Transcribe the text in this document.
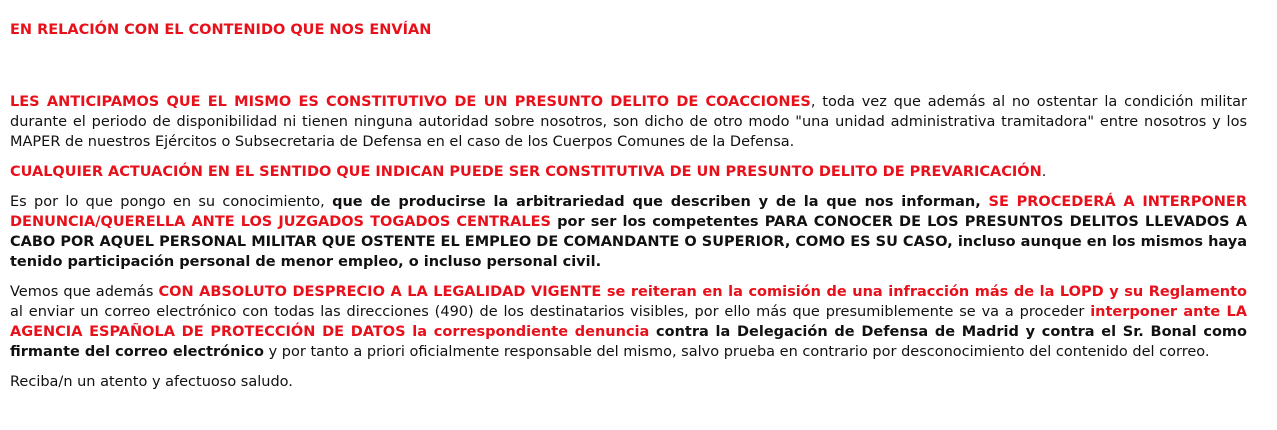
EN RELACIÓN CON EL CONTENIDO QUE NOS ENVÍAN

LES ANTICIPAMOS QUE EL MISMO ES CONSTITUTIVO DE UN PRESUNTO DELITO DE COACCIONES, toda vez que además al no ostentar la condición militar durante el periodo de disponibilidad ni tienen ninguna autoridad sobre nosotros, son dicho de otro modo "una unidad administrativa tramitadora" entre nosotros y los MAPER de nuestros Ejércitos o Subsecretaria de Defensa en el caso de los Cuerpos Comunes de la Defensa.

CUALQUIER ACTUACIÓN EN EL SENTIDO QUE INDICAN PUEDE SER CONSTITUTIVA DE UN PRESUNTO DELITO DE PREVARICACIÓN.

Es por lo que pongo en su conocimiento, que de producirse la arbitrariedad que describen y de la que nos informan, SE PROCEDERÁ A INTERPONER DENUNCIA/QUERELLA ANTE LOS JUZGADOS TOGADOS CENTRALES por ser los competentes PARA CONOCER DE LOS PRESUNTOS DELITOS LLEVADOS A CABO POR AQUEL PERSONAL MILITAR QUE OSTENTE EL EMPLEO DE COMANDANTE O SUPERIOR, COMO ES SU CASO, incluso aunque en los mismos haya tenido participación personal de menor empleo, o incluso personal civil.

Vemos que además CON ABSOLUTO DESPRECIO A LA LEGALIDAD VIGENTE se reiteran en la comisión de una infracción más de la LOPD y su Reglamento al enviar un correo electrónico con todas las direcciones (490) de los destinatarios visibles, por ello más que presumiblemente se va a proceder interponer ante LA AGENCIA ESPAÑOLA DE PROTECCIÓN DE DATOS la correspondiente denuncia contra la Delegación de Defensa de Madrid y contra el Sr. Bonal como firmante del correo electrónico y por tanto a priori oficialmente responsable del mismo, salvo prueba en contrario por desconocimiento del contenido del correo.

Reciba/n un atento y afectuoso saludo.
